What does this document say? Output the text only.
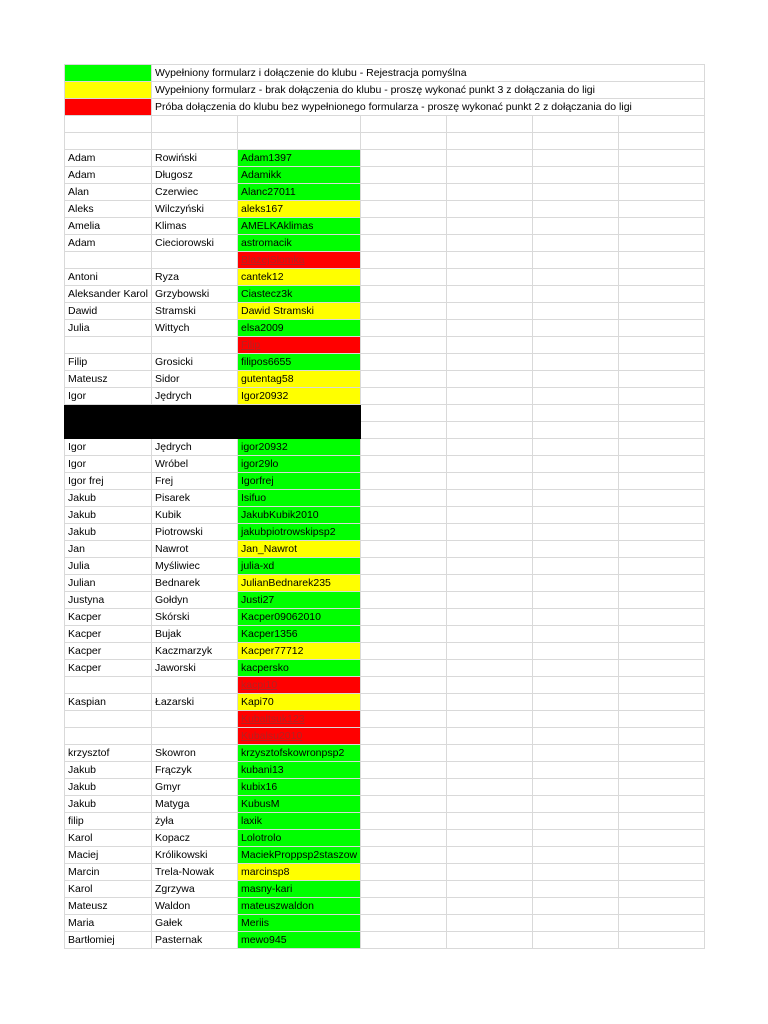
	Wypełniony formularz i dołączenie do klubu - Rejestracja pomyślna					
	Wypełniony formularz - brak dołączenia do klubu - proszę wykonać punkt 3 z dołączania do ligi					
	Próba dołączenia do klubu bez wypełnionego formularza - proszę wykonać punkt 2 z dołączania do ligi					

Adam	Rowiński	Adam1397				
Adam	Długosz	Adamikk				
Alan	Czerwiec	Alanc27011				
Aleks	Wilczyński	aleks167				
Amelia	Klimas	AMELKAklimas				
Adam	Cieciorowski	astromacik				
		BlazejSlomka				
Antoni	Ryza	cantek12				
Aleksander Karol	Grzybowski	Ciastecz3k				
Dawid	Stramski	Dawid Stramski				
Julia	Wittych	elsa2009				
		Filip				
Filip	Grosicki	filipos6655				
Mateusz	Sidor	gutentag58				
Igor	Jędrych	Igor20932				

Igor	Jędrych	igor20932				
Igor	Wróbel	igor29lo				
Igor frej	Frej	Igorfrej				
Jakub	Pisarek	Isifuo				
Jakub	Kubik	JakubKubik2010				
Jakub	Piotrowski	jakubpiotrowskipsp2				
Jan	Nawrot	Jan_Nawrot				
Julia	Myśliwiec	julia-xd				
Julian	Bednarek	JulianBednarek235				
Justyna	Gołdyn	Justi27				
Kacper	Skórski	Kacper09062010				
Kacper	Bujak	Kacper1356				
Kacper	Kaczmarzyk	Kacper77712				
Kacper	Jaworski	kacpersko				
		kacpi10				
Kaspian	Łazarski	Kapi70				
		Kubaltsuk123				
		Kubalsu2010				
krzysztof	Skowron	krzysztofskowronpsp2				
Jakub	Frączyk	kubani13				
Jakub	Gmyr	kubix16				
Jakub	Matyga	KubusM				
filip	żyła	laxik				
Karol	Kopacz	Lolotrolo				
Maciej	Królikowski	MaciekProppsp2staszow				
Marcin	Trela-Nowak	marcinsp8				
Karol	Zgrzywa	masny-kari				
Mateusz	Waldon	mateuszwaldon				
Maria	Gałek	Meriis				
Bartłomiej	Pasternak	mewo945				
